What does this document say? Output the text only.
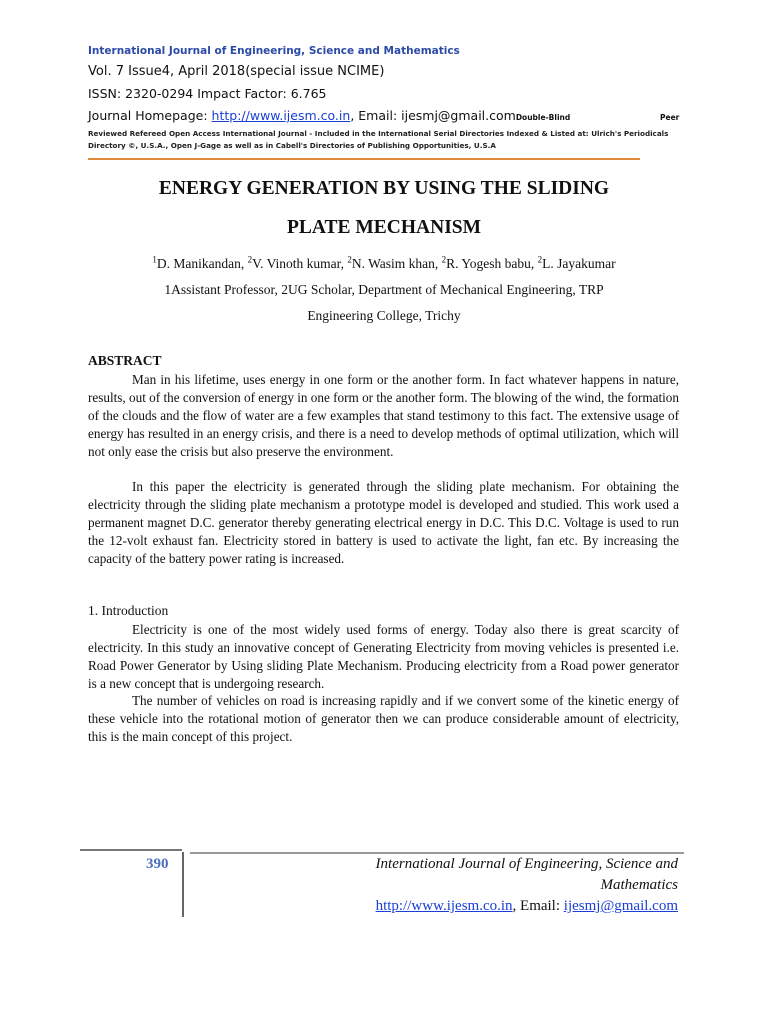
International Journal of Engineering, Science and Mathematics
Vol. 7 Issue4, April 2018(special issue NCIME)
ISSN: 2320-0294 Impact Factor: 6.765
Journal Homepage: http://www.ijesm.co.in, Email: ijesmj@gmail.comDouble-Blind	Peer
Reviewed Refereed Open Access International Journal - Included in the International Serial Directories Indexed & Listed at: Ulrich's Periodicals Directory ©, U.S.A., Open J-Gage as well as in Cabell's Directories of Publishing Opportunities, U.S.A
ENERGY GENERATION BY USING THE SLIDING
PLATE MECHANISM
$^1$D. Manikandan, $^2$V. Vinoth kumar, $^2$N. Wasim khan, $^2$R. Yogesh babu, $^2$L. Jayakumar
1Assistant Professor, 2UG Scholar, Department of Mechanical Engineering, TRP
Engineering College, Trichy
ABSTRACT

Man in his lifetime, uses energy in one form or the another form. In fact whatever happens in nature, results, out of the conversion of energy in one form or the another form. The blowing of the wind, the formation of the clouds and the flow of water are a few examples that stand testimony to this fact. The extensive usage of energy has resulted in an energy crisis, and there is a need to develop methods of optimal utilization, which will not only ease the crisis but also preserve the environment.

In this paper the electricity is generated through the sliding plate mechanism. For obtaining the electricity through the sliding plate mechanism a prototype model is developed and studied. This work used a permanent magnet D.C. generator thereby generating electrical energy in D.C. This D.C. Voltage is used to run the 12-volt exhaust fan. Electricity stored in battery is used to activate the light, fan etc. By increasing the capacity of the battery power rating is increased.

1. Introduction

Electricity is one of the most widely used forms of energy. Today also there is great scarcity of electricity. In this study an innovative concept of Generating Electricity from moving vehicles is presented i.e. Road Power Generator by Using sliding Plate Mechanism. Producing electricity from a Road power generator is a new concept that is undergoing research.

The number of vehicles on road is increasing rapidly and if we convert some of the kinetic energy of these vehicle into the rotational motion of generator then we can produce considerable amount of electricity, this is the main concept of this project.

390	International Journal of Engineering, Science and
Mathematics
http://www.ijesm.co.in, Email: ijesmj@gmail.com
